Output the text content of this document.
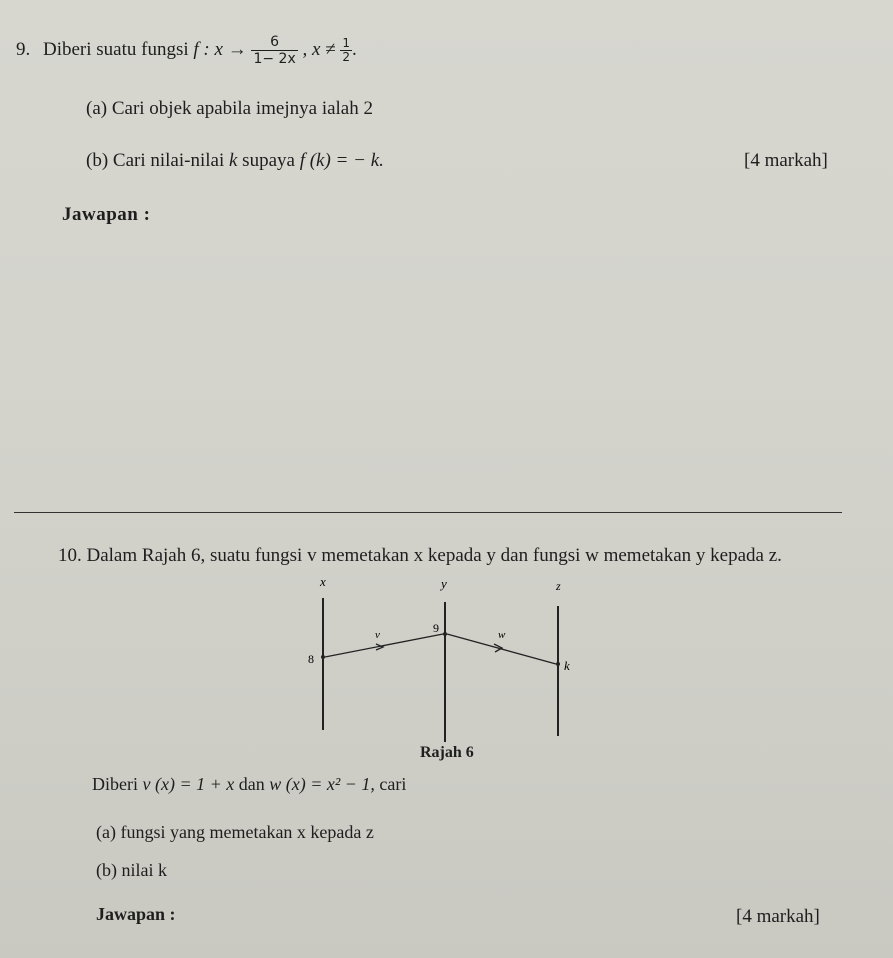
9. Diberi suatu fungsi f : $x \to \frac{6}{1- 2x}$ , $x \ne \frac{1}{2}$ .
(a) Cari objek apabila imejnya ialah 2
(b) Cari nilai-nilai k supaya f (k) = − k.	[4 markah]
Jawapan :
10. Dalam Rajah 6, suatu fungsi v memetakan x kepada y dan fungsi w memetakan y kepada z.
x	y	z
v	w
8
9
k
Rajah 6
Diberi v (x) = 1 + x dan w (x) = x² − 1, cari
(a) fungsi yang memetakan x kepada z
(b) nilai k
Jawapan :	[4 markah]
